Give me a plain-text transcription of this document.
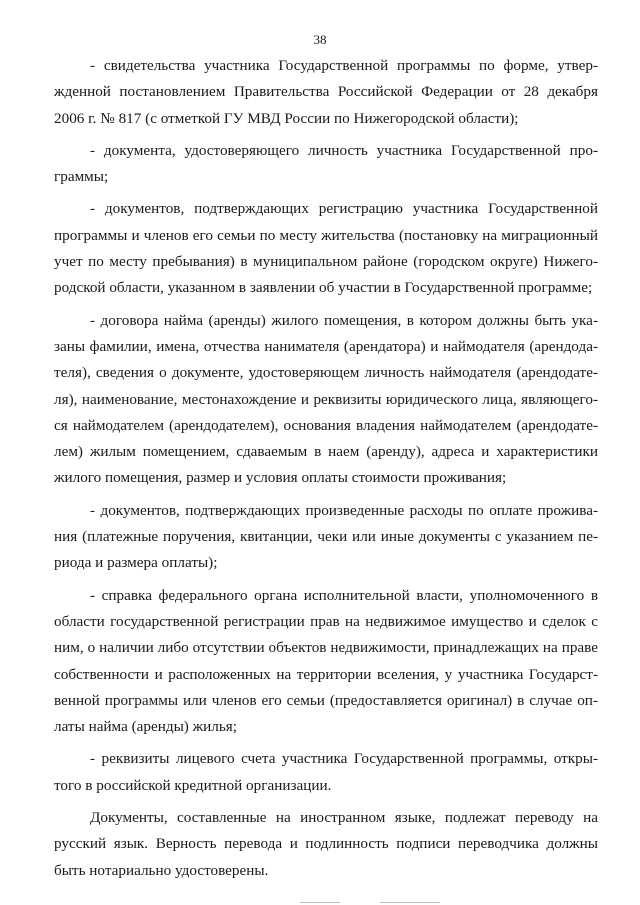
38

- свидетельства участника Государственной программы по форме, утвержденной постановлением Правительства Российской Федерации от 28 декабря 2006 г. № 817 (с отметкой ГУ МВД России по Нижегородской области);

- документа, удостоверяющего личность участника Государственной программы;

- документов, подтверждающих регистрацию участника Государственной программы и членов его семьи по месту жительства (постановку на миграционный учет по месту пребывания) в муниципальном районе (городском округе) Нижегородской области, указанном в заявлении об участии в Государственной программе;

- договора найма (аренды) жилого помещения, в котором должны быть указаны фамилии, имена, отчества нанимателя (арендатора) и наймодателя (арендодателя), сведения о документе, удостоверяющем личность наймодателя (арендодателя), наименование, местонахождение и реквизиты юридического лица, являющегося наймодателем (арендодателем), основания владения наймодателем (арендодателем) жилым помещением, сдаваемым в наем (аренду), адреса и характеристики жилого помещения, размер и условия оплаты стоимости проживания;

- документов, подтверждающих произведенные расходы по оплате проживания (платежные поручения, квитанции, чеки или иные документы с указанием периода и размера оплаты);

- справка федерального органа исполнительной власти, уполномоченного в области государственной регистрации прав на недвижимое имущество и сделок с ним, о наличии либо отсутствии объектов недвижимости, принадлежащих на праве собственности и расположенных на территории вселения, у участника Государственной программы или членов его семьи (предоставляется оригинал) в случае оплаты найма (аренды) жилья;

- реквизиты лицевого счета участника Государственной программы, открытого в российской кредитной организации.

Документы, составленные на иностранном языке, подлежат переводу на русский язык. Верность перевода и подлинность подписи переводчика должны быть нотариально удостоверены.
